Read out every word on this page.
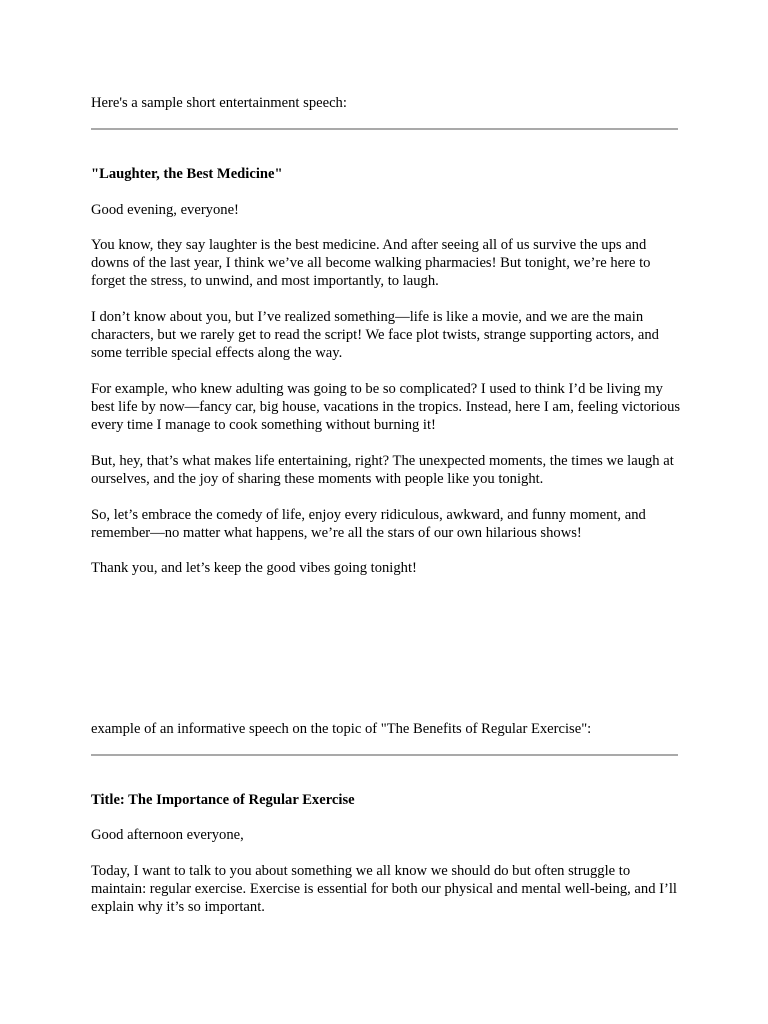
Here's a sample short entertainment speech:

"Laughter, the Best Medicine"

Good evening, everyone!

You know, they say laughter is the best medicine. And after seeing all of us survive the ups and downs of the last year, I think we’ve all become walking pharmacies! But tonight, we’re here to forget the stress, to unwind, and most importantly, to laugh.

I don’t know about you, but I’ve realized something—life is like a movie, and we are the main characters, but we rarely get to read the script! We face plot twists, strange supporting actors, and some terrible special effects along the way.

For example, who knew adulting was going to be so complicated? I used to think I’d be living my best life by now—fancy car, big house, vacations in the tropics. Instead, here I am, feeling victorious every time I manage to cook something without burning it!

But, hey, that’s what makes life entertaining, right? The unexpected moments, the times we laugh at ourselves, and the joy of sharing these moments with people like you tonight.

So, let’s embrace the comedy of life, enjoy every ridiculous, awkward, and funny moment, and remember—no matter what happens, we’re all the stars of our own hilarious shows!

Thank you, and let’s keep the good vibes going tonight!

example of an informative speech on the topic of "The Benefits of Regular Exercise":

Title: The Importance of Regular Exercise

Good afternoon everyone,

Today, I want to talk to you about something we all know we should do but often struggle to maintain: regular exercise. Exercise is essential for both our physical and mental well-being, and I’ll explain why it’s so important.
